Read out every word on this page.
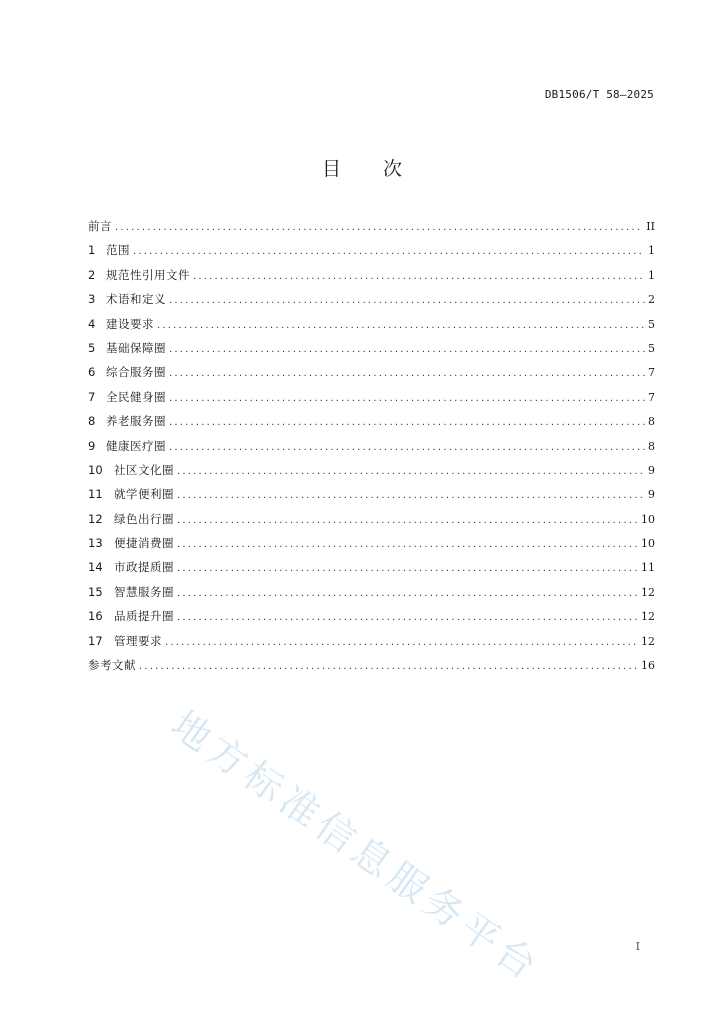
DB1506/T 58—2025
目 次
前言 .....	II
1 范围 .....	1
2 规范性引用文件 .....	1
3 术语和定义 .....	2
4 建设要求 .....	5
5 基础保障圈 .....	5
6 综合服务圈 .....	7
7 全民健身圈 .....	7
8 养老服务圈 .....	8
9 健康医疗圈 .....	8
10 社区文化圈 .....	9
11 就学便利圈 .....	9
12 绿色出行圈 .....	10
13 便捷消费圈 .....	10
14 市政提质圈 .....	11
15 智慧服务圈 .....	12
16 品质提升圈 .....	12
17 管理要求 .....	12
参考文献 .....	16
地方标准信息服务平台	I
